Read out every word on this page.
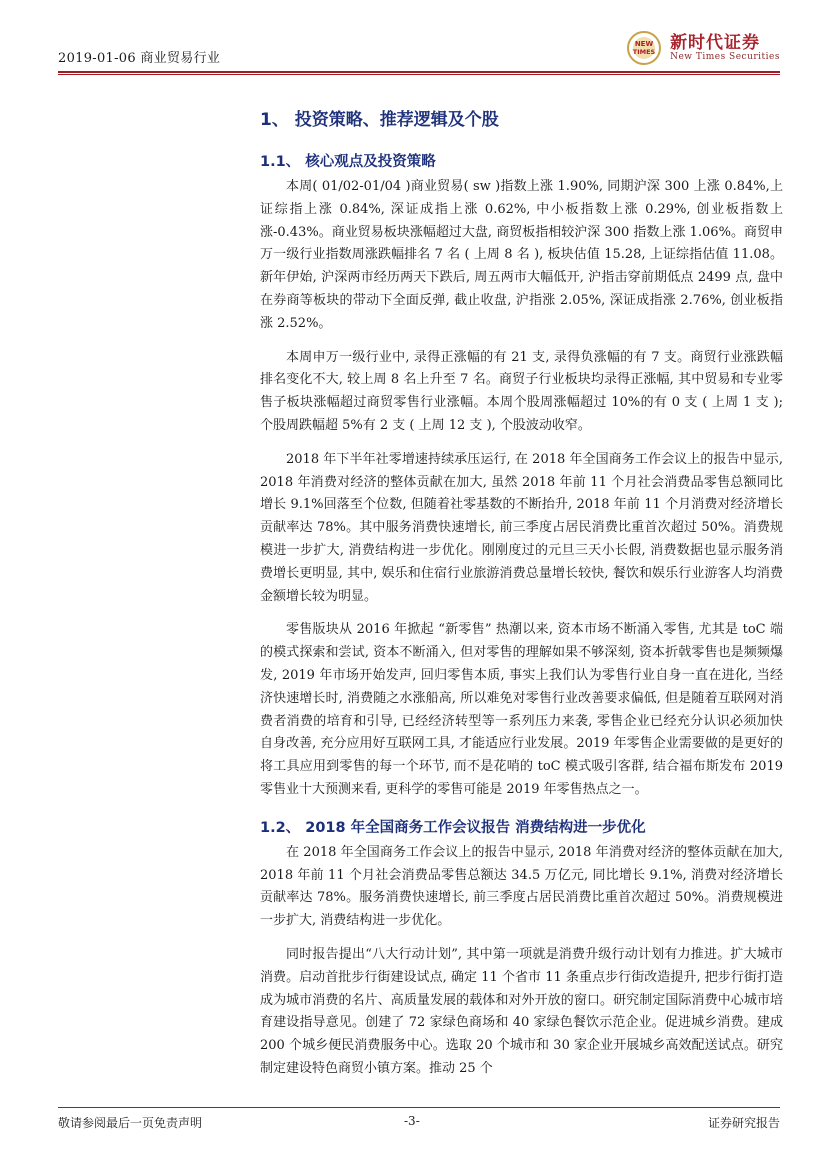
2019-01-06 商业贸易行业
NEW
TIMES 新时代证券
New Times Securities
1、 投资策略、推荐逻辑及个股
1.1、 核心观点及投资策略

本周( 01/02-01/04 )商业贸易( sw )指数上涨 1.90%, 同期沪深 300 上涨 0.84%,上证综指上涨 0.84%, 深证成指上涨 0.62%, 中小板指数上涨 0.29%, 创业板指数上涨-0.43%。商业贸易板块涨幅超过大盘, 商贸板指相较沪深 300 指数上涨 1.06%。商贸申万一级行业指数周涨跌幅排名 7 名 ( 上周 8 名 ), 板块估值 15.28, 上证综指估值 11.08。新年伊始, 沪深两市经历两天下跌后, 周五两市大幅低开, 沪指击穿前期低点 2499 点, 盘中在券商等板块的带动下全面反弹, 截止收盘, 沪指涨 2.05%, 深证成指涨 2.76%, 创业板指涨 2.52%。

本周申万一级行业中, 录得正涨幅的有 21 支, 录得负涨幅的有 7 支。商贸行业涨跌幅排名变化不大, 较上周 8 名上升至 7 名。商贸子行业板块均录得正涨幅, 其中贸易和专业零售子板块涨幅超过商贸零售行业涨幅。本周个股周涨幅超过 10%的有 0 支 ( 上周 1 支 ); 个股周跌幅超 5%有 2 支 ( 上周 12 支 ), 个股波动收窄。

2018 年下半年社零增速持续承压运行, 在 2018 年全国商务工作会议上的报告中显示, 2018 年消费对经济的整体贡献在加大, 虽然 2018 年前 11 个月社会消费品零售总额同比增长 9.1%回落至个位数, 但随着社零基数的不断抬升, 2018 年前 11 个月消费对经济增长贡献率达 78%。其中服务消费快速增长, 前三季度占居民消费比重首次超过 50%。消费规模进一步扩大, 消费结构进一步优化。刚刚度过的元旦三天小长假, 消费数据也显示服务消费增长更明显, 其中, 娱乐和住宿行业旅游消费总量增长较快, 餐饮和娱乐行业游客人均消费金额增长较为明显。

零售版块从 2016 年掀起 “新零售” 热潮以来, 资本市场不断涌入零售, 尤其是 toC 端的模式探索和尝试, 资本不断涌入, 但对零售的理解如果不够深刻, 资本折戟零售也是频频爆发, 2019 年市场开始发声, 回归零售本质, 事实上我们认为零售行业自身一直在进化, 当经济快速增长时, 消费随之水涨船高, 所以难免对零售行业改善要求偏低, 但是随着互联网对消费者消费的培育和引导, 已经经济转型等一系列压力来袭, 零售企业已经充分认识必须加快自身改善, 充分应用好互联网工具, 才能适应行业发展。2019 年零售企业需要做的是更好的将工具应用到零售的每一个环节, 而不是花哨的 toC 模式吸引客群, 结合福布斯发布 2019 零售业十大预测来看, 更科学的零售可能是 2019 年零售热点之一。

1.2、 2018 年全国商务工作会议报告 消费结构进一步优化

在 2018 年全国商务工作会议上的报告中显示, 2018 年消费对经济的整体贡献在加大, 2018 年前 11 个月社会消费品零售总额达 34.5 万亿元, 同比增长 9.1%, 消费对经济增长贡献率达 78%。服务消费快速增长, 前三季度占居民消费比重首次超过 50%。消费规模进一步扩大, 消费结构进一步优化。

同时报告提出“八大行动计划”, 其中第一项就是消费升级行动计划有力推进。扩大城市消费。启动首批步行街建设试点, 确定 11 个省市 11 条重点步行街改造提升, 把步行街打造成为城市消费的名片、高质量发展的载体和对外开放的窗口。研究制定国际消费中心城市培育建设指导意见。创建了 72 家绿色商场和 40 家绿色餐饮示范企业。促进城乡消费。建成 200 个城乡便民消费服务中心。选取 20 个城市和 30 家企业开展城乡高效配送试点。研究制定建设特色商贸小镇方案。推动 25 个

敬请参阅最后一页免责声明	-3-	证券研究报告
